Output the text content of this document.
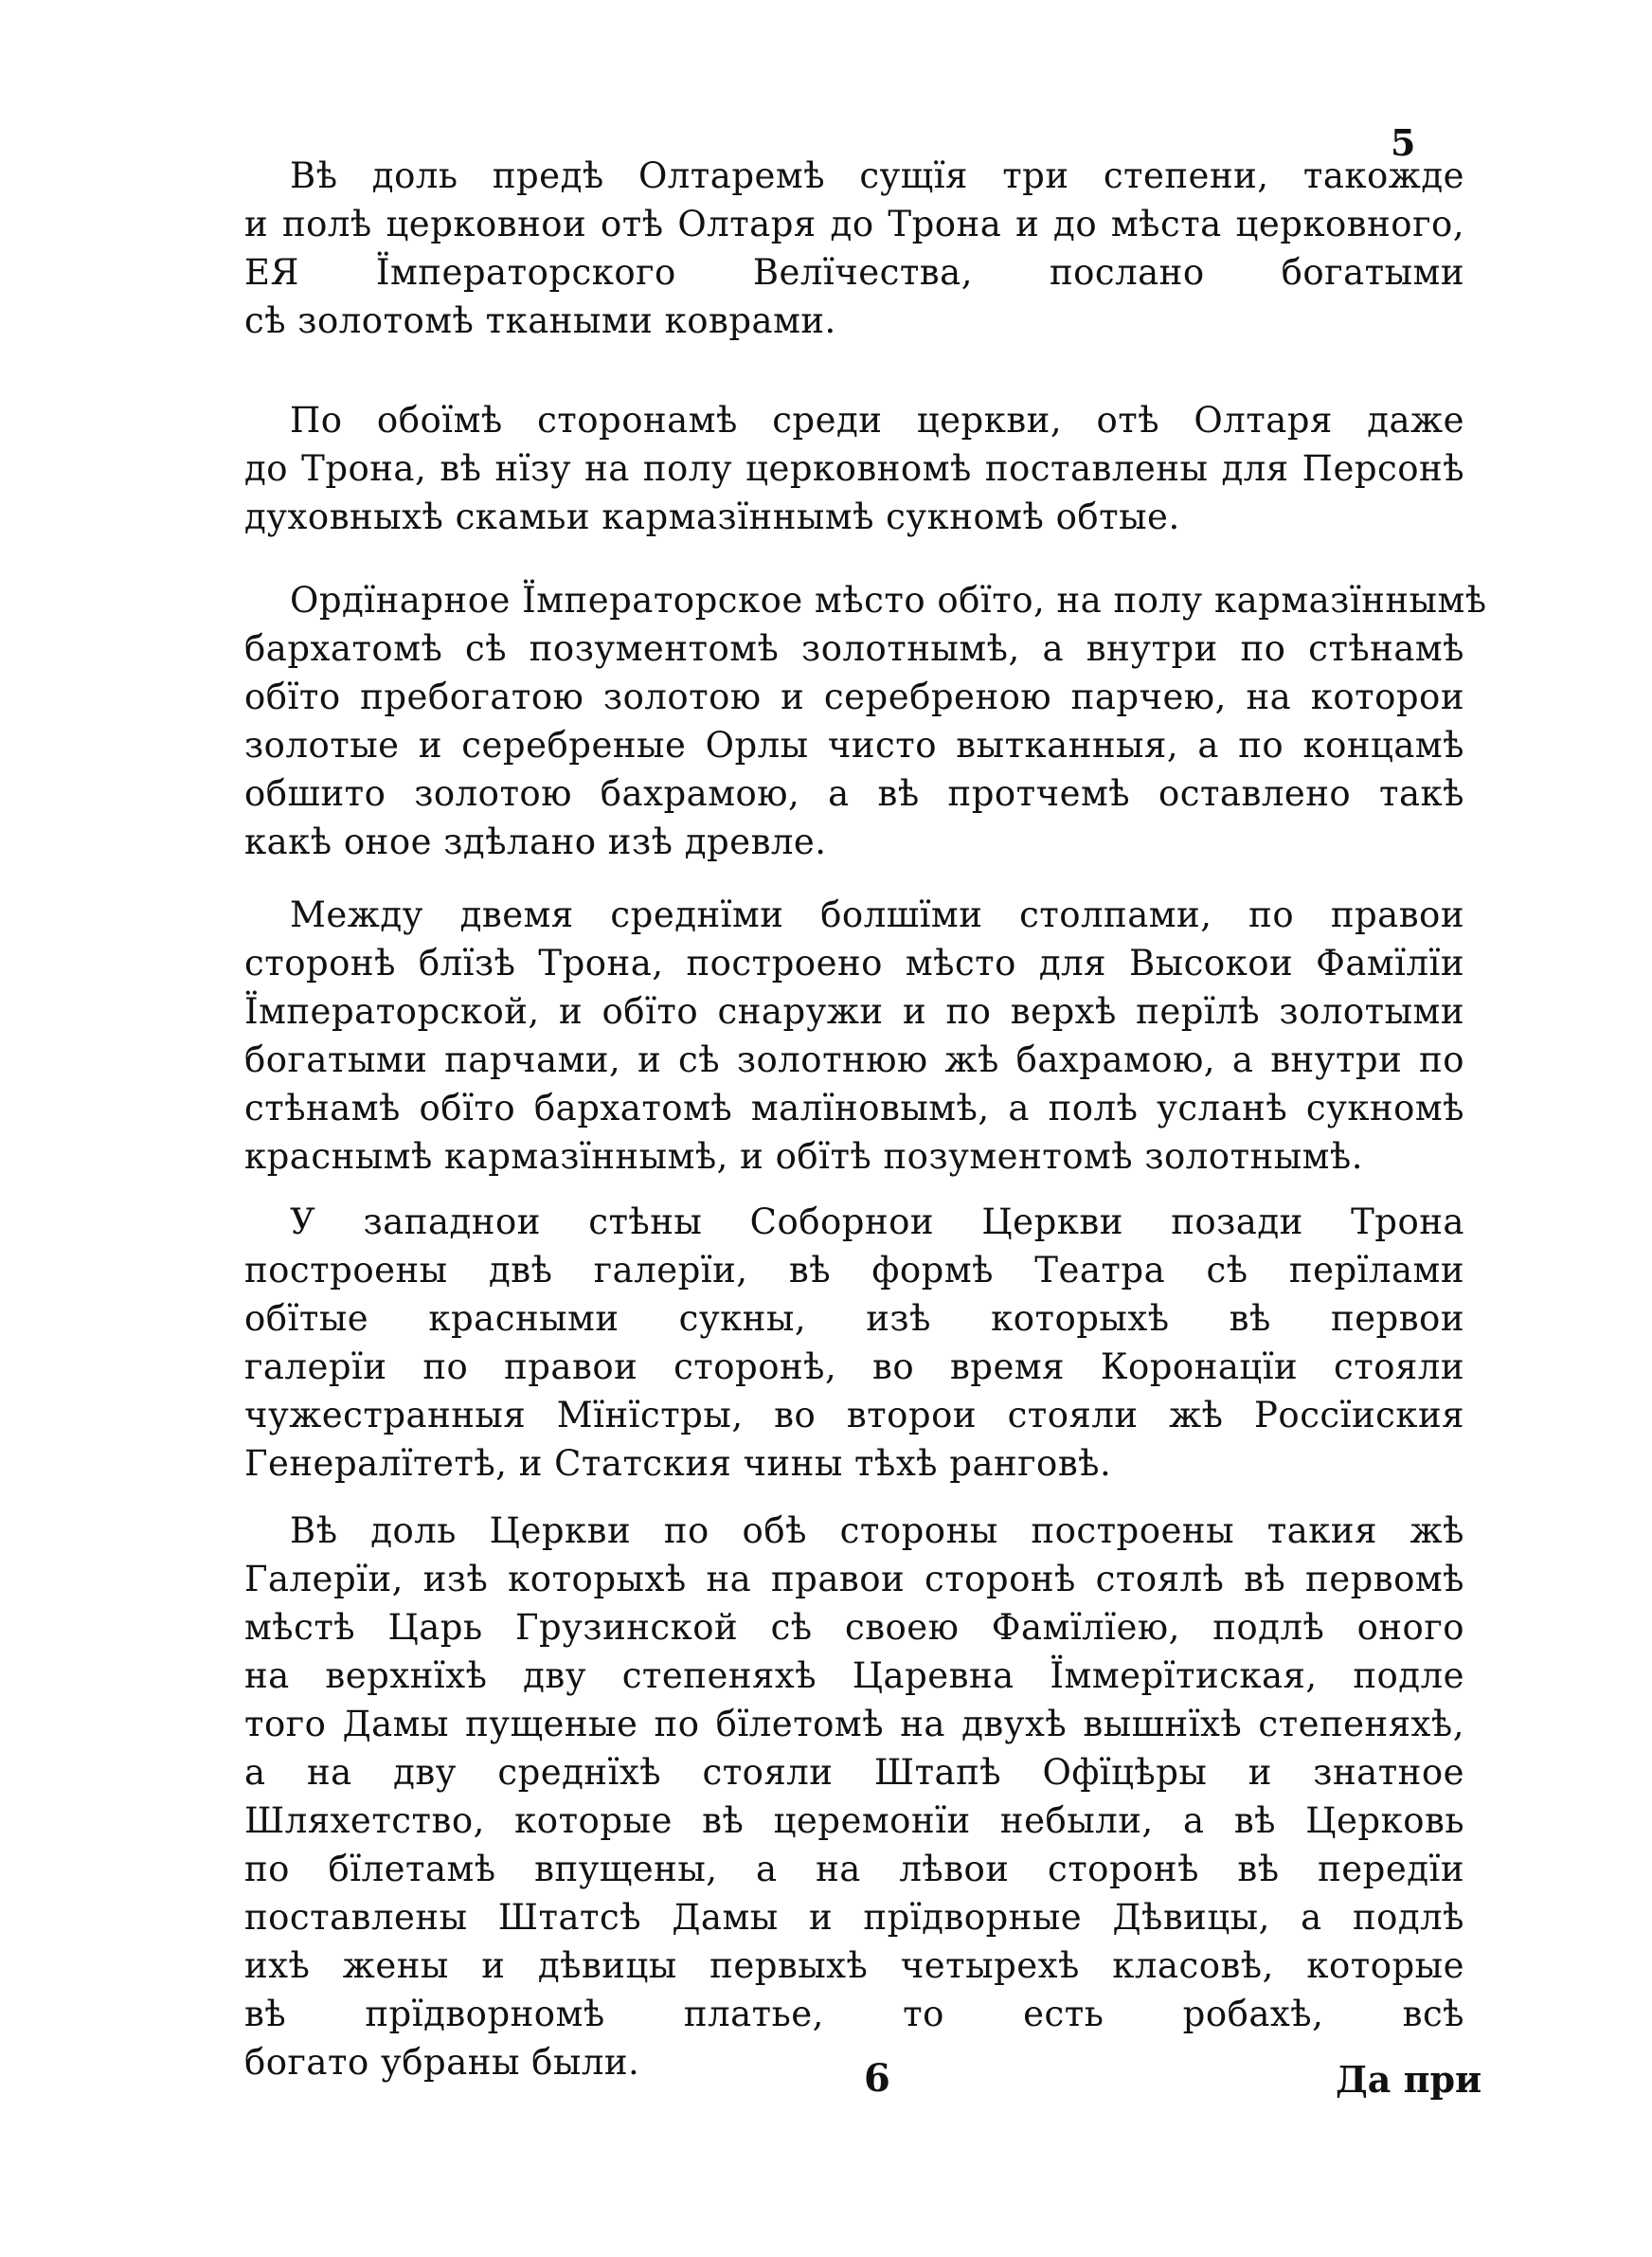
5
Вѣ доль предѣ Олтаремѣ сущїя три степени, такожде
и полѣ церковнои отѣ Олтаря до Трона и до мѣста церковного,
ЕЯ Їмператорского Велїчества, послано богатыми
сѣ золотомѣ ткаными коврами.
По обоїмѣ сторонамѣ среди церкви, отѣ Олтаря даже
до Трона, вѣ нїзу на полу церковномѣ поставлены для Персонѣ
духовныхѣ скамьи кармазїннымѣ сукномѣ обтые.
Ордїнарное Їмператорское мѣсто обїто, на полу кармазїннымѣ
бархатомѣ сѣ позументомѣ золотнымѣ, а внутри по стѣнамѣ
обїто пребогатою золотою и серебреною парчею, на которои
золотые и серебреные Орлы чисто вытканныя, а по концамѣ
обшито золотою бахрамою, а вѣ протчемѣ оставлено такѣ
какѣ оное здѣлано изѣ древле.
Между двемя среднїми болшїми столпами, по правои
сторонѣ блїзѣ Трона, построено мѣсто для Высокои Фамїлїи
Їмператорской, и обїто снаружи и по верхѣ перїлѣ золотыми
богатыми парчами, и сѣ золотнюю жѣ бахрамою, а внутри по
стѣнамѣ обїто бархатомѣ малїновымѣ, а полѣ усланѣ сукномѣ
краснымѣ кармазїннымѣ, и обїтѣ позументомѣ золотнымѣ.
У западнои стѣны Соборнои Церкви позади Трона
построены двѣ галерїи, вѣ формѣ Театра сѣ перїлами
обїтые красными сукны, изѣ которыхѣ вѣ первои
галерїи по правои сторонѣ, во время Коронацїи стояли
чужестранныя Мїнїстры, во второи стояли жѣ Россїиския
Генералїтетѣ, и Статския чины тѣхѣ ранговѣ.
Вѣ доль Церкви по обѣ стороны построены такия жѣ
Галерїи, изѣ которыхѣ на правои сторонѣ стоялѣ вѣ первомѣ
мѣстѣ Царь Грузинской сѣ своею Фамїлїею, подлѣ оного
на верхнїхѣ дву степеняхѣ Царевна Їммерїтиская, подле
того Дамы пущеные по бїлетомѣ на двухѣ вышнїхѣ степеняхѣ,
а на дву среднїхѣ стояли Штапѣ Офїцѣры и знатное
Шляхетство, которые вѣ церемонїи небыли, а вѣ Церковь
по бїлетамѣ впущены, а на лѣвои сторонѣ вѣ передїи
поставлены Штатсѣ Дамы и прїдворные Дѣвицы, а подлѣ
ихѣ жены и дѣвицы первыхѣ четырехѣ класовѣ, которые
вѣ прїдворномѣ платье, то есть робахѣ, всѣ
богато убраны были.	6	Да при
